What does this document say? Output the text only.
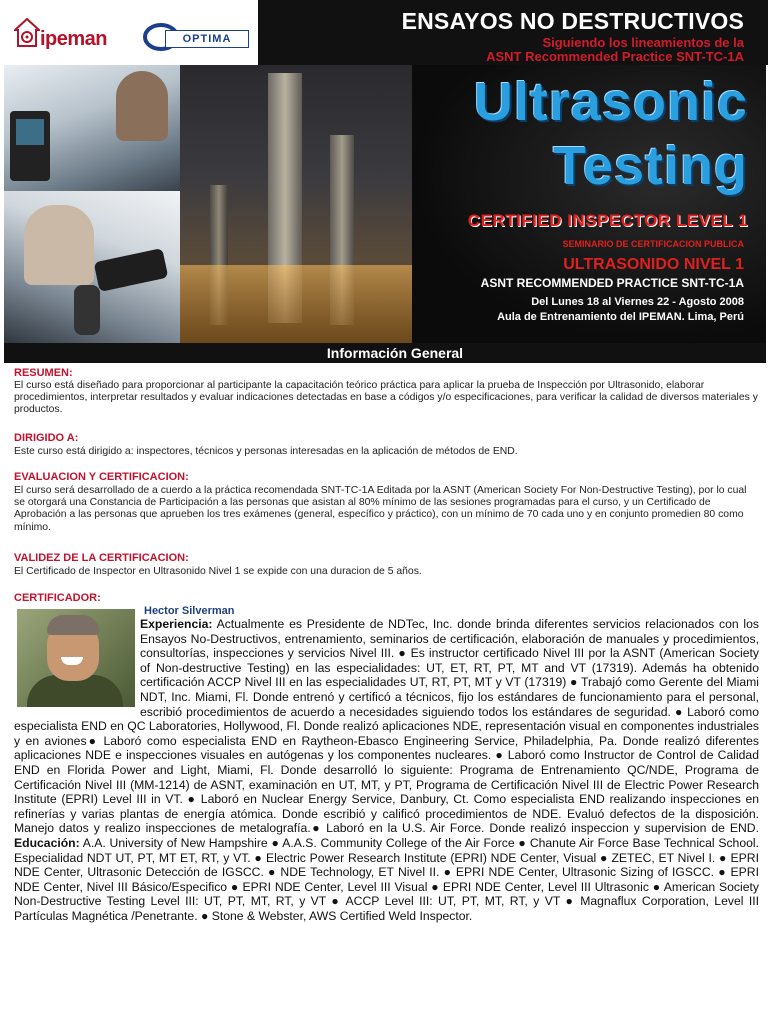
ipeman	OPTIMA
ENSAYOS NO DESTRUCTIVOS
Siguiendo los lineamientos de la
ASNT Recommended Practice SNT-TC-1A
Ultrasonic
Testing
CERTIFIED INSPECTOR LEVEL 1
SEMINARIO DE CERTIFICACION PUBLICA
ULTRASONIDO NIVEL 1
ASNT RECOMMENDED PRACTICE SNT-TC-1A
Del Lunes 18 al Viernes 22 - Agosto 2008
Aula de Entrenamiento del IPEMAN. Lima, Perú
Información General

RESUMEN:

El curso está diseñado para proporcionar al participante la capacitación teórico práctica para aplicar la prueba de Inspección por Ultrasonido, elaborar procedimientos, interpretar resultados y evaluar indicaciones detectadas en base a códigos y/o especificaciones, para verificar la calidad de diversos materiales y productos.

DIRIGIDO A:

Este curso está dirigido a: inspectores, técnicos y personas interesadas en la aplicación de métodos de END.

EVALUACION Y CERTIFICACION:

El curso será desarrollado de a cuerdo a la práctica recomendada SNT-TC-1A Editada por la ASNT (American Society For Non-Destructive Testing), por lo cual se otorgará una Constancia de Participación a las personas que asistan al 80% mínimo de las sesiones programadas para el curso, y un Certificado de Aprobación a las personas que aprueben los tres exámenes (general, específico y práctico), con un mínimo de 70 cada uno y en conjunto promedien 80 como mínimo.

VALIDEZ DE LA CERTIFICACION:

El Certificado de Inspector en Ultrasonido Nivel 1 se expide con una duracion de 5 años.

CERTIFICADOR:

Hector Silverman
Experiencia: Actualmente es Presidente de NDTec, Inc. donde brinda diferentes servicios relacionados con los Ensayos No-Destructivos, entrenamiento, seminarios de certificación, elaboración de manuales y procedimientos, consultorías, inspecciones y servicios Nivel III. ● Es instructor certificado Nivel III por la ASNT (American Society of Non-destructive Testing) en las especialidades: UT, ET, RT, PT, MT and VT (17319). Además ha obtenido certificación ACCP Nivel III en las especialidades UT, RT, PT, MT y VT (17319) ● Trabajó como Gerente del Miami NDT, Inc. Miami, Fl. Donde entrenó y certificó a técnicos, fijo los estándares de funcionamiento para el personal, escribió procedimientos de acuerdo a necesidades siguiendo todos los estándares de seguridad. ● Laboró como especialista END en QC Laboratories, Hollywood, Fl. Donde realizó aplicaciones NDE, representación visual en componentes industriales y en aviones● Laboró como especialista END en Raytheon-Ebasco Engineering Service, Philadelphia, Pa. Donde realizó diferentes aplicaciones NDE e inspecciones visuales en autógenas y los componentes nucleares. ● Laboró como Instructor de Control de Calidad END en Florida Power and Light, Miami, Fl. Donde desarrolló lo siguiente: Programa de Entrenamiento QC/NDE, Programa de Certificación Nivel III (MM-1214) de ASNT, examinación en UT, MT, y PT, Programa de Certificación Nivel III de Electric Power Research Institute (EPRI) Level III in VT. ● Laboró en Nuclear Energy Service, Danbury, Ct. Como especialista END realizando inspecciones en refinerías y varias plantas de energía atómica. Donde escribió y calificó procedimientos de NDE. Evaluó defectos de la disposición. Manejo datos y realizo inspecciones de metalografía.● Laboró en la U.S. Air Force. Donde realizó inspeccion y supervision de END. Educación: A.A. University of New Hampshire ● A.A.S. Community College of the Air Force ● Chanute Air Force Base Technical School. Especialidad NDT UT, PT, MT ET, RT, y VT. ● Electric Power Research Institute (EPRI) NDE Center, Visual ● ZETEC, ET Nivel I. ● EPRI NDE Center, Ultrasonic Detección de IGSCC. ● NDE Technology, ET Nivel II. ● EPRI NDE Center, Ultrasonic Sizing of IGSCC. ● EPRI NDE Center, Nivel III Básico/Especifico ● EPRI NDE Center, Level III Visual ● EPRI NDE Center, Level III Ultrasonic ● American Society Non-Destructive Testing Level III: UT, PT, MT, RT, y VT ● ACCP Level III: UT, PT, MT, RT, y VT ● Magnaflux Corporation, Level III Partículas Magnética /Penetrante. ● Stone & Webster, AWS Certified Weld Inspector.
